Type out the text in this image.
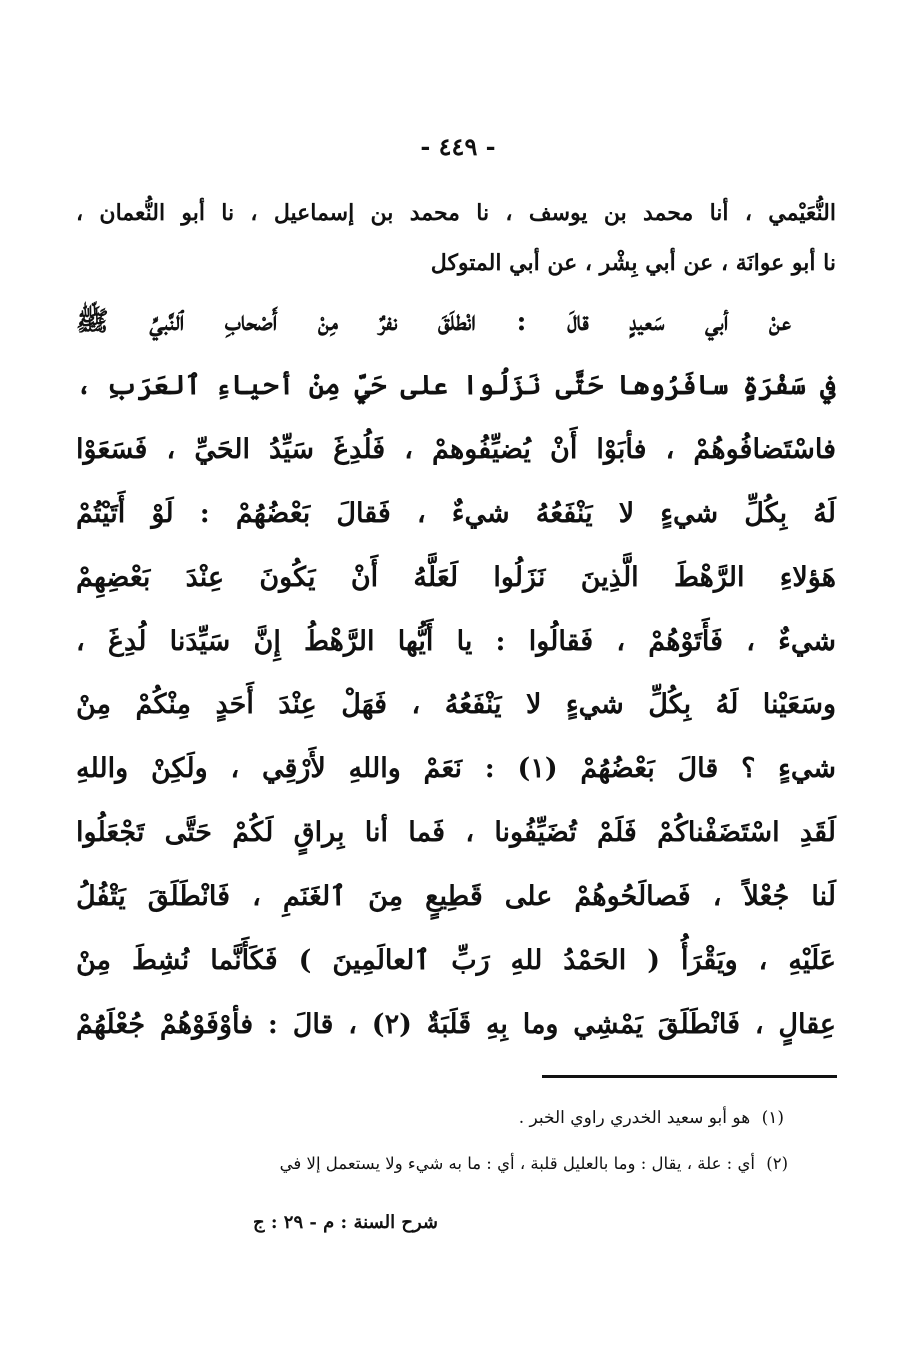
- ٤٤٩ -
النُّعَيْمي ، أنا محمد بن يوسف ، نا محمد بن إسماعيل ، نا أبو النُّعمان ،
نا أبو عوانَة ، عن أبي بِشْر ، عن أبي المتوكل
عنْ أبي سَعيدٍ قالَ : انْطلَقَ نفرٌ مِنْ أَصْحابِ ٱلنَّبيِّ ﷺ
في سَفْرَةٍ سافَرُوها حَتَّى نَزَلُوا على حَيٍّ مِنْ أحياءِ ٱلعَرَبِ ،
فاسْتَضافُوهُمْ ، فأبَوْا أَنْ يُضيِّفُوهمْ ، فَلُدِغَ سَيِّدُ الحَيِّ ، فَسَعَوْا
لَهُ بِكُلِّ شيءٍ لا يَنْفَعُهُ شيءٌ ، فَقالَ بَعْضُهُمْ : لَوْ أَتَيْتُمْ
هَؤلاءِ الرَّهْطَ الَّذِينَ نَزَلُوا لَعَلَّهُ أَنْ يَكُونَ عِنْدَ بَعْضِهِمْ
شيءٌ ، فَأَتَوْهُمْ ، فَقالُوا : يا أَيُّها الرَّهْطُ إِنَّ سَيِّدَنا لُدِغَ ،
وسَعَيْنا لَهُ بِكُلِّ شيءٍ لا يَنْفَعُهُ ، فَهَلْ عِنْدَ أَحَدٍ مِنْكُمْ مِنْ
شيءٍ ؟ قالَ بَعْضُهُمْ (١) : نَعَمْ واللهِ لأَرْقِي ، ولَكِنْ واللهِ
لَقَدِ اسْتَضَفْناكُمْ فَلَمْ تُضَيِّفُونا ، فَما أنا بِراقٍ لَكُمْ حَتَّى تَجْعَلُوا
لَنا جُعْلاً ، فَصالَحُوهُمْ على قَطِيعٍ مِنَ ٱلغَنَمِ ، فَانْطَلَقَ يَتْفُلُ
عَلَيْهِ ، ويَقْرَأُ ( الحَمْدُ للهِ رَبِّ ٱلعالَمِينَ ) فَكَأَنَّما نُشِطَ مِنْ
عِقالٍ ، فَانْطَلَقَ يَمْشِي وما بِهِ قَلَبَةٌ (٢) ، قالَ : فأوْفَوْهُمْ جُعْلَهُمْ
(١) هو أبو سعيد الخدري راوي الخبر .
(٢) أي : علة ، يقال : وما بالعليل قلبة ، أي : ما به شيء ولا يستعمل إلا في
شرح السنة : م - ٢٩ : ج
